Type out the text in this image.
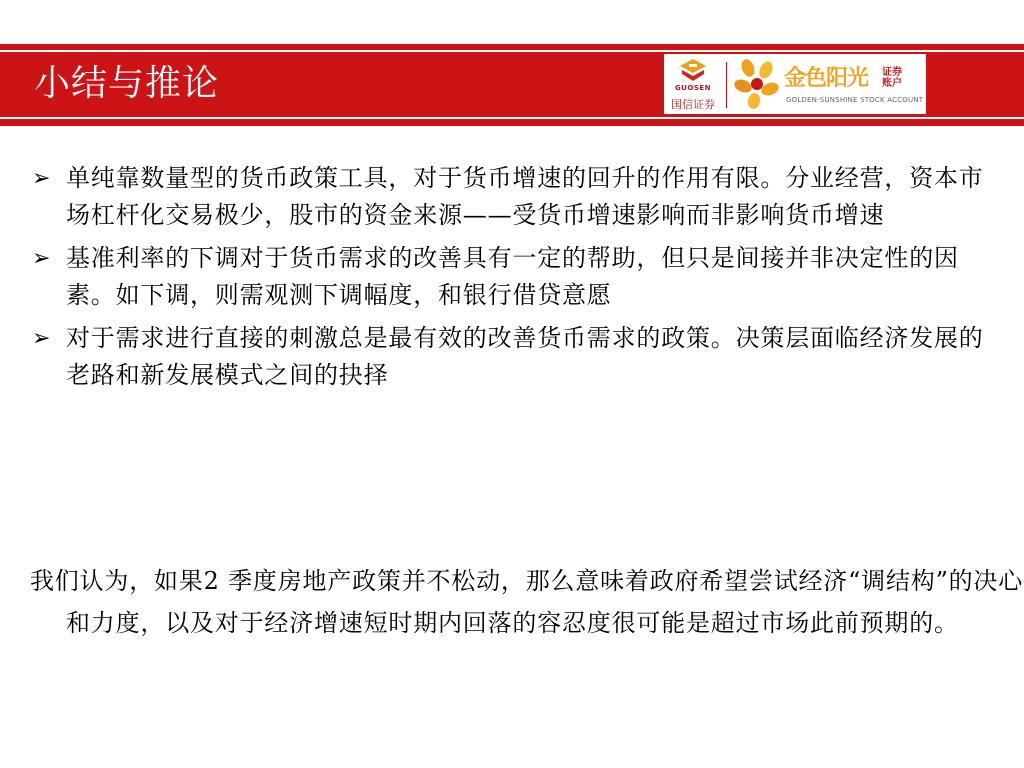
小结与推论	GUOSEN
国信证券
金色阳光 证券
账户
GOLDEN-SUNSHINE STOCK ACCOUNT
➢ 单纯靠数量型的货币政策工具，对于货币增速的回升的作用有限。分业经营，资本市场杠杆化交易极少，股市的资金来源——受货币增速影响而非影响货币增速
➢ 基准利率的下调对于货币需求的改善具有一定的帮助，但只是间接并非决定性的因素。如下调，则需观测下调幅度，和银行借贷意愿
➢ 对于需求进行直接的刺激总是最有效的改善货币需求的政策。决策层面临经济发展的老路和新发展模式之间的抉择
我们认为，如果2 季度房地产政策并不松动，那么意味着政府希望尝试经济“调结构”的决心和力度，以及对于经济增速短时期内回落的容忍度很可能是超过市场此前预期的。
